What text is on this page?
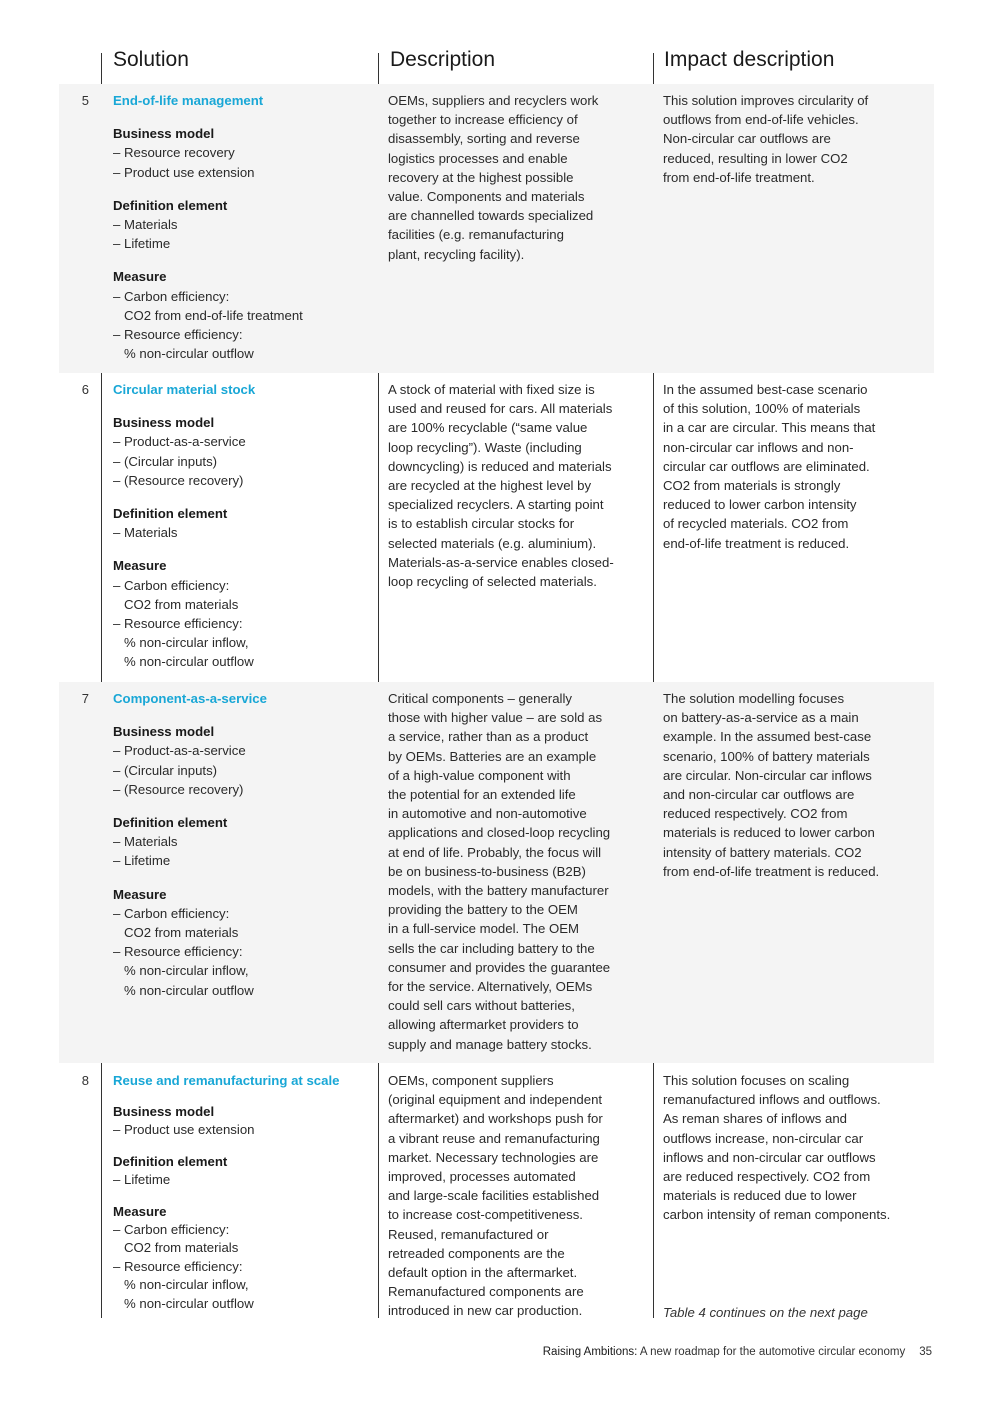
Solution	Description	Impact description
5 End-of-life management
Business model
– Resource recovery
– Product use extension
Definition element
– Materials
– Lifetime
Measure
– Carbon efficiency:
CO2 from end-of-life treatment
– Resource efficiency:
% non-circular outflow
OEMs, suppliers and recyclers work
together to increase efficiency of
disassembly, sorting and reverse
logistics processes and enable
recovery at the highest possible
value. Components and materials
are channelled towards specialized
facilities (e.g. remanufacturing
plant, recycling facility).
This solution improves circularity of
outflows from end-of-life vehicles.
Non-circular car outflows are
reduced, resulting in lower CO2
from end-of-life treatment.
6 Circular material stock
Business model
– Product-as-a-service
– (Circular inputs)
– (Resource recovery)
Definition element
– Materials
Measure
– Carbon efficiency:
CO2 from materials
– Resource efficiency:
% non-circular inflow,
% non-circular outflow
A stock of material with fixed size is
used and reused for cars. All materials
are 100% recyclable (“same value
loop recycling”). Waste (including
downcycling) is reduced and materials
are recycled at the highest level by
specialized recyclers. A starting point
is to establish circular stocks for
selected materials (e.g. aluminium).
Materials-as-a-service enables closed-
loop recycling of selected materials.
In the assumed best-case scenario
of this solution, 100% of materials
in a car are circular. This means that
non-circular car inflows and non-
circular car outflows are eliminated.
CO2 from materials is strongly
reduced to lower carbon intensity
of recycled materials. CO2 from
end-of-life treatment is reduced.
7 Component-as-a-service
Business model
– Product-as-a-service
– (Circular inputs)
– (Resource recovery)
Definition element
– Materials
– Lifetime
Measure
– Carbon efficiency:
CO2 from materials
– Resource efficiency:
% non-circular inflow,
% non-circular outflow
Critical components – generally
those with higher value – are sold as
a service, rather than as a product
by OEMs. Batteries are an example
of a high-value component with
the potential for an extended life
in automotive and non-automotive
applications and closed-loop recycling
at end of life. Probably, the focus will
be on business-to-business (B2B)
models, with the battery manufacturer
providing the battery to the OEM
in a full-service model. The OEM
sells the car including battery to the
consumer and provides the guarantee
for the service. Alternatively, OEMs
could sell cars without batteries,
allowing aftermarket providers to
supply and manage battery stocks.
The solution modelling focuses
on battery-as-a-service as a main
example. In the assumed best-case
scenario, 100% of battery materials
are circular. Non-circular car inflows
and non-circular car outflows are
reduced respectively. CO2 from
materials is reduced to lower carbon
intensity of battery materials. CO2
from end-of-life treatment is reduced.
8 Reuse and remanufacturing at scale
Business model
– Product use extension
Definition element
– Lifetime
Measure
– Carbon efficiency:
CO2 from materials
– Resource efficiency:
% non-circular inflow,
% non-circular outflow
OEMs, component suppliers
(original equipment and independent
aftermarket) and workshops push for
a vibrant reuse and remanufacturing
market. Necessary technologies are
improved, processes automated
and large-scale facilities established
to increase cost-competitiveness.
Reused, remanufactured or
retreaded components are the
default option in the aftermarket.
Remanufactured components are
introduced in new car production.
This solution focuses on scaling
remanufactured inflows and outflows.
As reman shares of inflows and
outflows increase, non-circular car
inflows and non-circular car outflows
are reduced respectively. CO2 from
materials is reduced due to lower
carbon intensity of reman components.
Table 4 continues on the next page
Raising Ambitions: A new roadmap for the automotive circular economy 35
